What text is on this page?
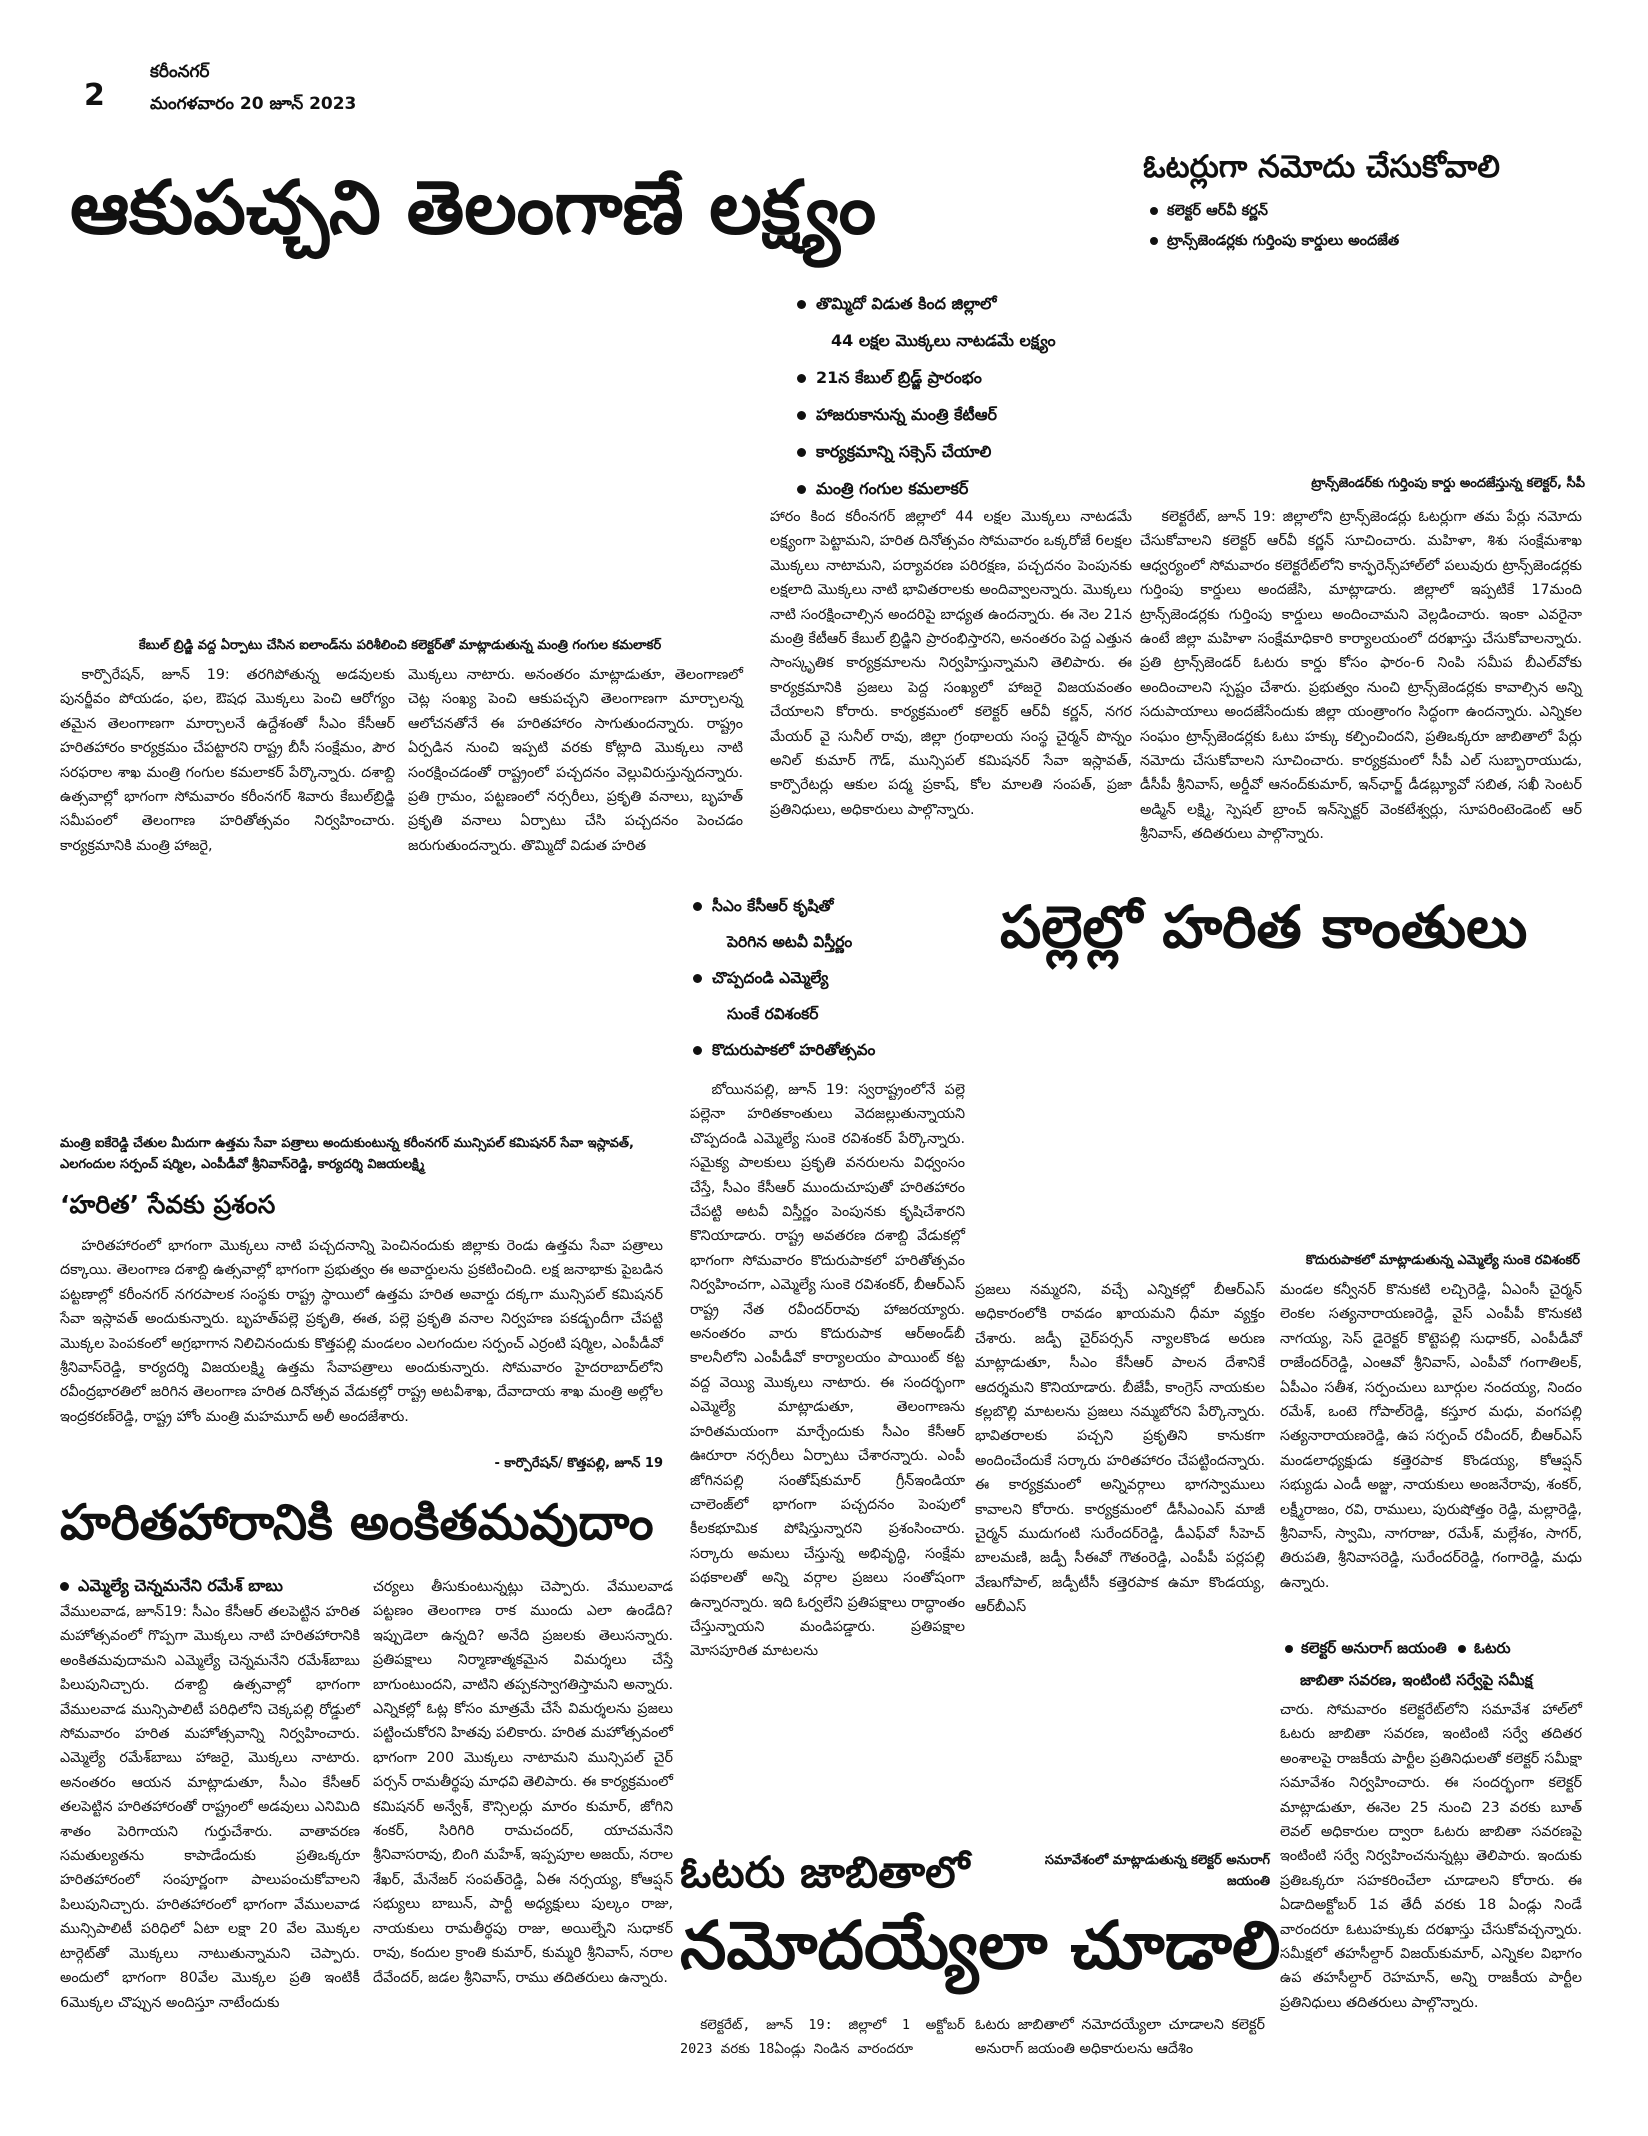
2
కరీంనగర్
మంగళవారం 20 జూన్ 2023
ఆకుపచ్చని తెలంగాణే లక్ష్యం
తొమ్మిదో విడుత కింద జిల్లాలో
44 లక్షల మొక్కలు నాటడమే లక్ష్యం
21న కేబుల్ బ్రిడ్జ్ ప్రారంభం
హాజరుకానున్న మంత్రి కేటీఆర్
కార్యక్రమాన్ని సక్సెస్ చేయాలి
మంత్రి గంగుల కమలాకర్
కేబుల్ బ్రిడ్జి వద్ద ఏర్పాటు చేసిన ఐలాండ్‌ను పరిశీలించి కలెక్టర్‌తో మాట్లాడుతున్న మంత్రి గంగుల కమలాకర్

కార్పొరేషన్, జూన్ 19: తరగిపోతున్న అడవులకు పునర్జీవం పోయడం, ఫల, ఔషధ మొక్కలు పెంచి ఆరోగ్యం తమైన తెలంగాణగా మార్చాలనే ఉద్దేశంతో సీఎం కేసీఆర్ హరితహారం కార్యక్రమం చేపట్టారని రాష్ట్ర బీసీ సంక్షేమం, పౌర సరఫరాల శాఖ మంత్రి గంగుల కమలాకర్ పేర్కొన్నారు. దశాబ్ది ఉత్సవాల్లో భాగంగా సోమవారం కరీంనగర్ శివారు కేబుల్‌బ్రిడ్జి సమీపంలో తెలంగాణ హరితోత్సవం నిర్వహించారు. కార్యక్రమానికి మంత్రి హాజరై,

మొక్కలు నాటారు. అనంతరం మాట్లాడుతూ, తెలంగాణలో చెట్ల సంఖ్య పెంచి ఆకుపచ్చని తెలంగాణగా మార్చాలన్న ఆలోచనతోనే ఈ హరితహారం సాగుతుందన్నారు. రాష్ట్రం ఏర్పడిన నుంచి ఇప్పటి వరకు కోట్లాది మొక్కలు నాటి సంరక్షించడంతో రాష్ట్రంలో పచ్చదనం వెల్లువిరుస్తున్నదన్నారు. ప్రతి గ్రామం, పట్టణంలో నర్సరీలు, ప్రకృతి వనాలు, బృహత్ ప్రకృతి వనాలు ఏర్పాటు చేసి పచ్చదనం పెంచడం జరుగుతుందన్నారు. తొమ్మిదో విడుత హరిత

హారం కింద కరీంనగర్ జిల్లాలో 44 లక్షల మొక్కలు నాటడమే లక్ష్యంగా పెట్టామని, హరిత దినోత్సవం సోమవారం ఒక్కరోజే 6లక్షల మొక్కలు నాటామని, పర్యావరణ పరిరక్షణ, పచ్చదనం పెంపునకు లక్షలాది మొక్కలు నాటి భావితరాలకు అందివ్వాలన్నారు. మొక్కలు నాటి సంరక్షించాల్సిన అందరిపై బాధ్యత ఉందన్నారు. ఈ నెల 21న మంత్రి కేటీఆర్ కేబుల్ బ్రిడ్జిని ప్రారంభిస్తారని, అనంతరం పెద్ద ఎత్తున సాంస్కృతిక కార్యక్రమాలను నిర్వహిస్తున్నామని తెలిపారు. ఈ కార్యక్రమానికి ప్రజలు పెద్ద సంఖ్యలో హాజరై విజయవంతం చేయాలని కోరారు. కార్యక్రమంలో కలెక్టర్ ఆర్‌వీ కర్ణన్, నగర మేయర్ వై సునీల్ రావు, జిల్లా గ్రంథాలయ సంస్థ చైర్మన్ పొన్నం అనిల్ కుమార్ గౌడ్, మున్సిపల్ కమిషనర్ సేవా ఇస్లావత్, కార్పొరేటర్లు ఆకుల పద్మ ప్రకాష్, కోల మాలతి సంపత్, ప్రజా ప్రతినిధులు, అధికారులు పాల్గొన్నారు.

ఓటర్లుగా నమోదు చేసుకోవాలి
కలెక్టర్ ఆర్‌వీ కర్ణన్
ట్రాన్స్‌జెండర్లకు గుర్తింపు కార్డులు అందజేత
ట్రాన్స్‌జెండర్‌కు గుర్తింపు కార్డు అందజేస్తున్న కలెక్టర్, సీపీ

కలెక్టరేట్, జూన్ 19: జిల్లాలోని ట్రాన్స్‌జెండర్లు ఓటర్లుగా తమ పేర్లు నమోదు చేసుకోవాలని కలెక్టర్ ఆర్‌వీ కర్ణన్ సూచించారు. మహిళా, శిశు సంక్షేమశాఖ ఆధ్వర్యంలో సోమవారం కలెక్టరేట్‌లోని కాన్ఫరెన్స్‌హాల్‌లో పలువురు ట్రాన్స్‌జెండర్లకు గుర్తింపు కార్డులు అందజేసి, మాట్లాడారు. జిల్లాలో ఇప్పటికే 17మంది ట్రాన్స్‌జెండర్లకు గుర్తింపు కార్డులు అందించామని వెల్లడించారు. ఇంకా ఎవరైనా ఉంటే జిల్లా మహిళా సంక్షేమాధికారి కార్యాలయంలో దరఖాస్తు చేసుకోవాలన్నారు. ప్రతి ట్రాన్స్‌జెండర్ ఓటరు కార్డు కోసం ఫారం-6 నింపి సమీప బీఎల్‌వోకు అందించాలని స్పష్టం చేశారు. ప్రభుత్వం నుంచి ట్రాన్స్‌జెండర్లకు కావాల్సిన అన్ని సదుపాయాలు అందజేసేందుకు జిల్లా యంత్రాంగం సిద్ధంగా ఉందన్నారు. ఎన్నికల సంఘం ట్రాన్స్‌జెండర్లకు ఓటు హక్కు కల్పించిందని, ప్రతిఒక్కరూ జాబితాలో పేర్లు నమోదు చేసుకోవాలని సూచించారు. కార్యక్రమంలో సీపీ ఎల్ సుబ్బారాయుడు, డీసీపీ శ్రీనివాస్, అర్డీవో ఆనంద్‌కుమార్, ఇన్‌ఛార్జ్ డీడబ్ల్యూవో సబిత, సఖీ సెంటర్ అడ్మిన్ లక్ష్మి, స్పెషల్ బ్రాంచ్ ఇన్‌స్పెక్టర్ వెంకటేశ్వర్లు, సూపరింటెండెంట్ ఆర్ శ్రీనివాస్, తదితరులు పాల్గొన్నారు.

సీఎం కేసీఆర్ కృషితో
పెరిగిన అటవీ విస్తీర్ణం
చొప్పదండి ఎమ్మెల్యే
సుంకే రవిశంకర్
కొదురుపాకలో హరితోత్సవం
పల్లెల్లో హరిత కాంతులు

బోయినపల్లి, జూన్ 19: స్వరాష్ట్రంలోనే పల్లె పల్లెనా హరితకాంతులు వెదజల్లుతున్నాయని చొప్పదండి ఎమ్మెల్యే సుంకె రవిశంకర్ పేర్కొన్నారు. సమైక్య పాలకులు ప్రకృతి వనరులను విధ్వంసం చేస్తే, సీఎం కేసీఆర్ ముందుచూపుతో హరితహారం చేపట్టి అటవీ విస్తీర్ణం పెంపునకు కృషిచేశారని కొనియాడారు. రాష్ట్ర అవతరణ దశాబ్ది వేడుకల్లో భాగంగా సోమవారం కొదురుపాకలో హరితోత్సవం నిర్వహించగా, ఎమ్మెల్యే సుంకె రవిశంకర్, బీఆర్‌ఎస్ రాష్ట్ర నేత రవీందర్‌రావు హాజరయ్యారు. అనంతరం వారు కొదురుపాక ఆర్‌అండ్‌బీ కాలనీలోని ఎంపీడీవో కార్యాలయం పాయింట్ కట్ట వద్ద వెయ్యి మొక్కలు నాటారు. ఈ సందర్భంగా ఎమ్మెల్యే మాట్లాడుతూ, తెలంగాణను హరితమయంగా మార్చేందుకు సీఎం కేసీఆర్ ఊరూరా నర్సరీలు ఏర్పాటు చేశారన్నారు. ఎంపీ జోగినపల్లి సంతోష్‌కుమార్ గ్రీన్‌ఇండియా చాలెంజ్‌లో భాగంగా పచ్చదనం పెంపులో కీలకభూమిక పోషిస్తున్నారని ప్రశంసించారు. సర్కారు అమలు చేస్తున్న అభివృద్ధి, సంక్షేమ పథకాలతో అన్ని వర్గాల ప్రజలు సంతోషంగా ఉన్నారన్నారు. ఇది ఓర్వలేని ప్రతిపక్షాలు రాద్ధాంతం చేస్తున్నాయని మండిపడ్డారు. ప్రతిపక్షాల మోసపూరిత మాటలను

కొదురుపాకలో మాట్లాడుతున్న ఎమ్మెల్యే సుంకె రవిశంకర్

ప్రజలు నమ్మరని, వచ్చే ఎన్నికల్లో బీఆర్‌ఎస్ అధికారంలోకి రావడం ఖాయమని ధీమా వ్యక్తం చేశారు. జడ్పీ చైర్‌పర్సన్ న్యాలకొండ అరుణ మాట్లాడుతూ, సీఎం కేసీఆర్ పాలన దేశానికే ఆదర్శమని కొనియాడారు. బీజేపీ, కాంగ్రెస్ నాయకుల కల్లబొల్లి మాటలను ప్రజలు నమ్మబోరని పేర్కొన్నారు. భావితరాలకు పచ్చని ప్రకృతిని కానుకగా అందించేందుకే సర్కారు హరితహారం చేపట్టిందన్నారు. ఈ కార్యక్రమంలో అన్నివర్గాలు భాగస్వాములు కావాలని కోరారు. కార్యక్రమంలో డీసీఎంఎస్ మాజీ చైర్మన్ ముదుగంటి సురేందర్‌రెడ్డి, డీఎఫ్‌వో సీహెచ్ బాలమణి, జడ్పీ సీఈవో గౌతంరెడ్డి, ఎంపీపీ పర్లపల్లి వేణుగోపాల్, జడ్పీటీసీ కత్తెరపాక ఉమా కొండయ్య, ఆర్‌బీఎస్

మండల కన్వీనర్ కొనుకటి లచ్చిరెడ్డి, ఏఎంసీ చైర్మన్ లెంకల సత్యనారాయణరెడ్డి, వైస్ ఎంపీపీ కొనుకటి నాగయ్య, సెస్ డైరెక్టర్ కొట్టెపల్లి సుధాకర్, ఎంపీడీవో రాజేందర్‌రెడ్డి, ఎంఆవో శ్రీనివాస్, ఎంపీవో గంగాతిలక్, ఏపీఎం సతీశ, సర్పంచులు బూర్గుల నందయ్య, నిందం రమేశ్, ఒంటె గోపాల్‌రెడ్డి, కస్తూర మధు, వంగపల్లి సత్యనారాయణరెడ్డి, ఉప సర్పంచ్ రవీందర్, బీఆర్‌ఎస్ మండలాధ్యక్షుడు కత్తెరపాక కొండయ్య, కోఆప్షన్ సభ్యుడు ఎండీ అజ్జు, నాయకులు అంజనేరావు, శంకర్, లక్ష్మీరాజం, రవి, రాములు, పురుషోత్తం రెడ్డి, మల్లారెడ్డి, శ్రీనివాస్, స్వామి, నాగరాజు, రమేశ్, మల్లేశం, సాగర్, తిరుపతి, శ్రీనివాసరెడ్డి, సురేందర్‌రెడ్డి, గంగారెడ్డి, మధు ఉన్నారు.

మంత్రి ఐకేరెడ్డి చేతుల మీదుగా ఉత్తమ సేవా పత్రాలు అందుకుంటున్న కరీంనగర్ మున్సిపల్ కమిషనర్ సేవా ఇస్లావత్, ఎలగందుల సర్పంచ్ షర్మిల, ఎంపీడీవో శ్రీనివాస్‌రెడ్డి, కార్యదర్శి విజయలక్ష్మి
‘హరిత’ సేవకు ప్రశంస

హరితహారంలో భాగంగా మొక్కలు నాటి పచ్చదనాన్ని పెంచినందుకు జిల్లాకు రెండు ఉత్తమ సేవా పత్రాలు దక్కాయి. తెలంగాణ దశాబ్ది ఉత్సవాల్లో భాగంగా ప్రభుత్వం ఈ అవార్డులను ప్రకటించింది. లక్ష జనాభాకు పైబడిన పట్టణాల్లో కరీంనగర్ నగరపాలక సంస్థకు రాష్ట్ర స్థాయిలో ఉత్తమ హరిత అవార్డు దక్కగా మున్సిపల్ కమిషనర్ సేవా ఇస్లావత్ అందుకున్నారు. బృహత్‌పల్లె ప్రకృతి, ఈత, పల్లె ప్రకృతి వనాల నిర్వహణ పకడ్బందీగా చేపట్టి మొక్కల పెంపకంలో అగ్రభాగాన నిలిచినందుకు కొత్తపల్లి మండలం ఎలగందుల సర్పంచ్ ఎర్రంటి షర్మిల, ఎంపీడీవో శ్రీనివాస్‌రెడ్డి, కార్యదర్శి విజయలక్ష్మి ఉత్తమ సేవాపత్రాలు అందుకున్నారు. సోమవారం హైదరాబాద్‌లోని రవీంద్రభారతిలో జరిగిన తెలంగాణ హరిత దినోత్సవ వేడుకల్లో రాష్ట్ర అటవీశాఖ, దేవాదాయ శాఖ మంత్రి అల్లోల ఇంద్రకరణ్‌రెడ్డి, రాష్ట్ర హోం మంత్రి మహమూద్ అలీ అందజేశారు.

- కార్పొరేషన్/ కొత్తపల్లి, జూన్ 19
హరితహారానికి అంకితమవుదాం
ఎమ్మెల్యే చెన్నమనేని రమేశ్ బాబు

వేములవాడ, జూన్19: సీఎం కేసీఆర్ తలపెట్టిన హరిత మహోత్సవంలో గొప్పగా మొక్కలు నాటి హరితహారానికి అంకితమవుదామని ఎమ్మెల్యే చెన్నమనేని రమేశ్‌బాబు పిలుపునిచ్చారు. దశాబ్ది ఉత్సవాల్లో భాగంగా వేములవాడ మున్సిపాలిటీ పరిధిలోని చెక్కపల్లి రోడ్డులో సోమవారం హరిత మహోత్సవాన్ని నిర్వహించారు. ఎమ్మెల్యే రమేశ్‌బాబు హాజరై, మొక్కలు నాటారు. అనంతరం ఆయన మాట్లాడుతూ, సీఎం కేసీఆర్ తలపెట్టిన హరితహారంతో రాష్ట్రంలో అడవులు ఎనిమిది శాతం పెరిగాయని గుర్తుచేశారు. వాతావరణ సమతుల్యతను కాపాడేందుకు ప్రతిఒక్కరూ హరితహారంలో సంపూర్ణంగా పాలుపంచుకోవాలని పిలుపునిచ్చారు. హరితహారంలో భాగంగా వేములవాడ మున్సిపాలిటీ పరిధిలో ఏటా లక్షా 20 వేల మొక్కల టార్గెట్‌తో మొక్కలు నాటుతున్నామని చెప్పారు. అందులో భాగంగా 80వేల మొక్కల ప్రతి ఇంటికీ 6మొక్కల చొప్పున అందిస్తూ నాటేందుకు

చర్యలు తీసుకుంటున్నట్లు చెప్పారు. వేములవాడ పట్టణం తెలంగాణ రాక ముందు ఎలా ఉండేది? ఇప్పుడెలా ఉన్నది? అనేది ప్రజలకు తెలుసన్నారు. ప్రతిపక్షాలు నిర్మాణాత్మకమైన విమర్శలు చేస్తే బాగుంటుందని, వాటిని తప్పకస్వాగతిస్తామని అన్నారు. ఎన్నికల్లో ఓట్ల కోసం మాత్రమే చేసే విమర్శలను ప్రజలు పట్టించుకోరని హితవు పలికారు. హరిత మహోత్సవంలో భాగంగా 200 మొక్కలు నాటామని మున్సిపల్ చైర్ పర్సన్ రామతీర్థపు మాధవి తెలిపారు. ఈ కార్యక్రమంలో కమిషనర్ అన్వేశ్, కౌన్సిలర్లు మారం కుమార్, జోగిని శంకర్, సిరిగిరి రామచందర్, యాచమనేని శ్రీనివాసరావు, బింగి మహేశ్, ఇప్పపూల అజయ్, నరాల శేఖర్, మేనేజర్ సంపత్‌రెడ్డి, ఏఈ నర్సయ్య, కోఆప్షన్ సభ్యులు బాబున్, పార్టీ అధ్యక్షులు పుల్కం రాజు, నాయకులు రామతీర్థపు రాజు, అయిల్నేని సుధాకర్ రావు, కందుల క్రాంతి కుమార్, కుమ్మరి శ్రీనివాస్, నరాల దేవేందర్, జడల శ్రీనివాస్, రాము తదితరులు ఉన్నారు.

కలెక్టర్ అనురాగ్ జయంతి ఓటరు
జాబితా సవరణ, ఇంటింటి సర్వేపై సమీక్ష

చారు. సోమవారం కలెక్టరేట్‌లోని సమావేశ హాల్‌లో ఓటరు జాబితా సవరణ, ఇంటింటి సర్వే తదితర అంశాలపై రాజకీయ పార్టీల ప్రతినిధులతో కలెక్టర్ సమీక్షా సమావేశం నిర్వహించారు. ఈ సందర్భంగా కలెక్టర్ మాట్లాడుతూ, ఈనెల 25 నుంచి 23 వరకు బూత్ లెవల్ అధికారుల ద్వారా ఓటరు జాబితా సవరణపై ఇంటింటి సర్వే నిర్వహించనున్నట్లు తెలిపారు. ఇందుకు ప్రతిఒక్కరూ సహకరించేలా చూడాలని కోరారు. ఈ ఏడాదిఅక్టోబర్ 1వ తేదీ వరకు 18 ఏండ్లు నిండే వారందరూ ఓటుహక్కుకు దరఖాస్తు చేసుకోవచ్చన్నారు. సమీక్షలో తహసీల్దార్ విజయ్‌కుమార్, ఎన్నికల విభాగం ఉప తహసీల్దార్ రెహమాన్, అన్ని రాజకీయ పార్టీల ప్రతినిధులు తదితరులు పాల్గొన్నారు.

ఓటరు జాబితాలో
నమోదయ్యేలా చూడాలి
సమావేశంలో మాట్లాడుతున్న కలెక్టర్ అనురాగ్ జయంతి

కలెక్టరేట్, జూన్ 19: జిల్లాలో 1 అక్టోబర్ 2023 వరకు 18ఏండ్లు నిండిన వారందరూ

ఓటరు జాబితాలో నమోదయ్యేలా చూడాలని కలెక్టర్ అనురాగ్ జయంతి అధికారులను ఆదేశిం
